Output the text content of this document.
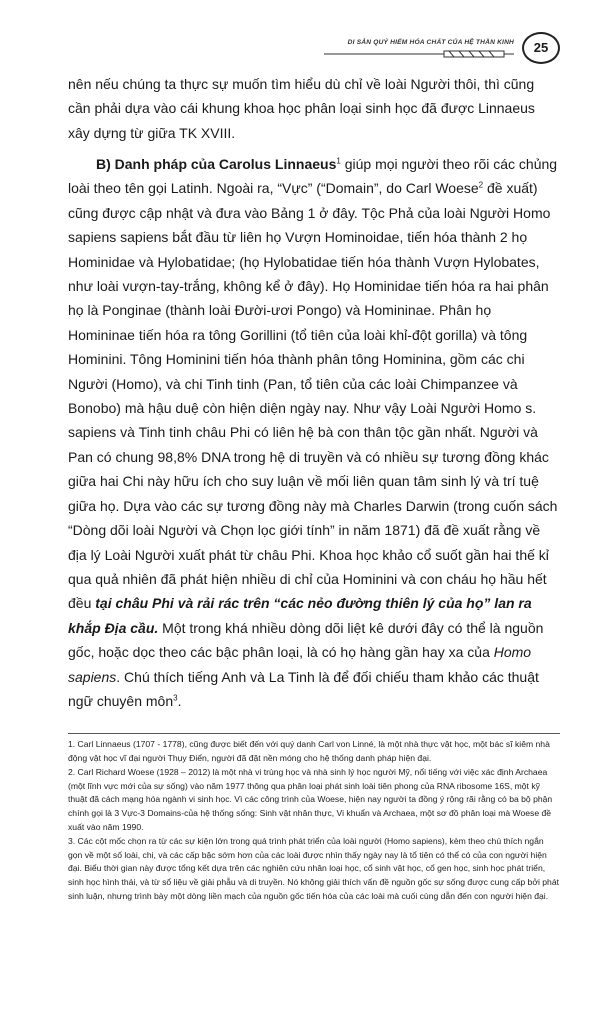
DI SẢN QUÝ HIẾM HÓA CHẤT CỦA HỆ THẦN KINH	25

nên nếu chúng ta thực sự muốn tìm hiểu dù chỉ về loài Người thôi, thì cũng cần phải dựa vào cái khung khoa học phân loại sinh học đã được Linnaeus xây dựng từ giữa TK XVIII.

B) Danh pháp của Carolus Linnaeus$^1$ giúp mọi người theo rõi các chủng loài theo tên gọi Latinh. Ngoài ra, “Vực” (“Domain”, do Carl Woese$^2$ đề xuất) cũng được cập nhật và đưa vào Bảng 1 ở đây. Tộc Phả của loài Người Homo sapiens sapiens bắt đầu từ liên họ Vượn Hominoidae, tiến hóa thành 2 họ Hominidae và Hylobatidae; (họ Hylobatidae tiến hóa thành Vượn Hylobates, như loài vượn-tay-trắng, không kể ở đây). Họ Hominidae tiến hóa ra hai phân họ là Ponginae (thành loài Đười-ươi Pongo) và Homininae. Phân họ Homininae tiến hóa ra tông Gorillini (tổ tiên của loài khỉ-đột gorilla) và tông Hominini. Tông Hominini tiến hóa thành phân tông Hominina, gồm các chi Người (Homo), và chi Tinh tinh (Pan, tổ tiên của các loài Chimpanzee và Bonobo) mà hậu duệ còn hiện diện ngày nay. Như vậy Loài Người Homo s. sapiens và Tinh tinh châu Phi có liên hệ bà con thân tộc gần nhất. Người và Pan có chung 98,8% DNA trong hệ di truyền và có nhiều sự tương đồng khác giữa hai Chi này hữu ích cho suy luận về mối liên quan tâm sinh lý và trí tuệ giữa họ. Dựa vào các sự tương đồng này mà Charles Darwin (trong cuốn sách “Dòng dõi loài Người và Chọn lọc giới tính” in năm 1871) đã đề xuất rằng về địa lý Loài Người xuất phát từ châu Phi. Khoa học khảo cổ suốt gần hai thế kỉ qua quả nhiên đã phát hiện nhiều di chỉ của Hominini và con cháu họ hầu hết đều tại châu Phi và rải rác trên “các nẻo đường thiên lý của họ” lan ra khắp Địa cầu. Một trong khá nhiều dòng dõi liệt kê dưới đây có thể là nguồn gốc, hoặc dọc theo các bậc phân loại, là có họ hàng gần hay xa của Homo sapiens. Chú thích tiếng Anh và La Tinh là để đối chiếu tham khảo các thuật ngữ chuyên môn$^3$.

1. Carl Linnaeus (1707 - 1778), cũng được biết đến với quý danh Carl von Linné, là một nhà thực vật học, một bác sĩ kiêm nhà động vật học vĩ đại người Thụy Điển, người đã đặt nền móng cho hệ thống danh pháp hiện đại.

2. Carl Richard Woese (1928 – 2012) là một nhà vi trùng học và nhà sinh lý học người Mỹ, nổi tiếng với việc xác định Archaea (một lĩnh vực mới của sự sống) vào năm 1977 thông qua phân loại phát sinh loài tiên phong của RNA ribosome 16S, một kỹ thuật đã cách mạng hóa ngành vi sinh học. Vì các công trình của Woese, hiện nay người ta đồng ý rộng rãi rằng có ba bộ phận chính gọi là 3 Vực-3 Domains-của hệ thống sống: Sinh vật nhân thực, Vi khuẩn và Archaea, một sơ đồ phân loại mà Woese đề xuất vào năm 1990.

3. Các cột mốc chọn ra từ các sự kiện lớn trong quá trình phát triển của loài người (Homo sapiens), kèm theo chú thích ngắn gọn về một số loài, chi, và các cấp bậc sớm hơn của các loài được nhìn thấy ngày nay là tổ tiên có thể có của con người hiện đại. Biểu thời gian này được tổng kết dựa trên các nghiên cứu nhân loại học, cổ sinh vật học, cổ gen học, sinh học phát triển, sinh học hình thái, và từ sổ liệu về giải phẫu và di truyền. Nó không giải thích vấn đề nguồn gốc sự sống được cung cấp bởi phát sinh luận, nhưng trình bày một dòng liền mạch của nguồn gốc tiến hóa của các loài mà cuối cùng dẫn đến con người hiện đại.
